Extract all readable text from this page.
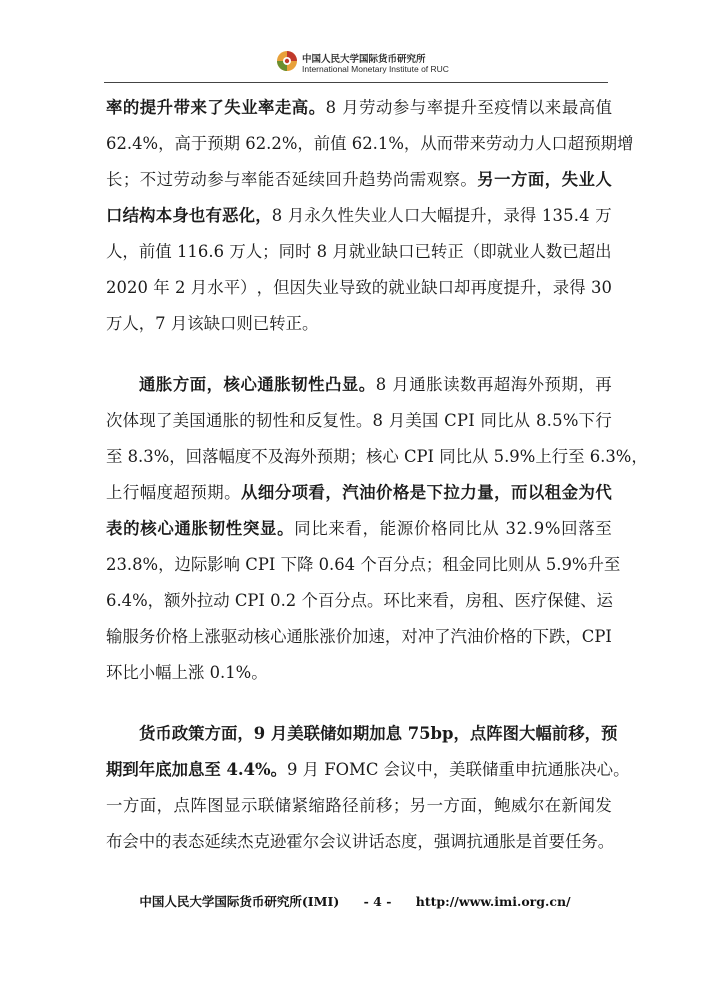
中国人民大学国际货币研究所
International Monetary Institute of RUC
率 的 提 升 带 来 了 失 业 率 走 高 。 8
月 劳 动 参 与 率 提 升 至 疫 情 以 来 最 高 值
6 2 . 4 % ， 高 于 预 期
6 2 . 2 % ， 前 值
6 2 . 1 % ， 从 而 带 来 劳 动 力 人 口 超 预 期 增
长 ； 不 过 劳 动 参 与 率 能 否 延 续 回 升 趋 势 尚 需 观 察 。 另 一 方 面 ， 失 业 人
口 结 构 本 身 也 有 恶 化 ， 8
月 永 久 性 失 业 人 口 大 幅 提 升 ， 录 得
1 3 5 . 4
万
人 ， 前 值
1 1 6 . 6
万 人 ； 同 时
8
月 就 业 缺 口 已 转 正 （ 即 就 业 人 数 已 超 出
2 0 2 0
年
2
月 水 平 ） ， 但 因 失 业 导 致 的 就 业 缺 口 却 再 度 提 升 ， 录 得
3 0
万 人 ， 7
月 该 缺 口 则 已 转 正 。
通 胀 方 面 ， 核 心 通 胀 韧 性 凸 显 。 8
月 通 胀 读 数 再 超 海 外 预 期 ， 再
次 体 现 了 美 国 通 胀 的 韧 性 和 反 复 性 。 8
月 美 国
C P I
同 比 从
8 . 5 % 下 行
至
8 . 3 % ， 回 落 幅 度 不 及 海 外 预 期 ； 核 心
C P I
同 比 从
5 . 9 % 上 行 至
6 . 3 % ，
上 行 幅 度 超 预 期 。 从 细 分 项 看 ， 汽 油 价 格 是 下 拉 力 量 ， 而 以 租 金 为 代
表 的 核 心 通 胀 韧 性 突 显 。 同 比 来 看 ， 能 源 价 格 同 比 从
3 2 . 9 % 回 落 至
2 3 . 8 % ， 边 际 影 响
C P I
下 降
0 . 6 4
个 百 分 点 ； 租 金 同 比 则 从
5 . 9 % 升 至
6 . 4 % ， 额 外 拉 动
C P I
0 . 2
个 百 分 点 。 环 比 来 看 ， 房 租 、 医 疗 保 健 、 运
输 服 务 价 格 上 涨 驱 动 核 心 通 胀 涨 价 加 速 ， 对 冲 了 汽 油 价 格 的 下 跌 ， C P I
环 比 小 幅 上 涨
0 . 1 % 。
货 币 政 策 方 面 ， 9
月 美 联 储 如 期 加 息
7 5 b p ， 点 阵 图 大 幅 前 移 ， 预
期 到 年 底 加 息 至
4 . 4 % 。 9
月
F O M C
会 议 中 ， 美 联 储 重 申 抗 通 胀 决 心 。
一 方 面 ， 点 阵 图 显 示 联 储 紧 缩 路 径 前 移 ； 另 一 方 面 ， 鲍 威 尔 在 新 闻 发
布 会 中 的 表 态 延 续 杰 克 逊 霍 尔 会 议 讲 话 态 度 ， 强 调 抗 通 胀 是 首 要 任 务 。
中国人民大学国际货币研究所(IMI) - 4 - http://www.imi.org.cn/
